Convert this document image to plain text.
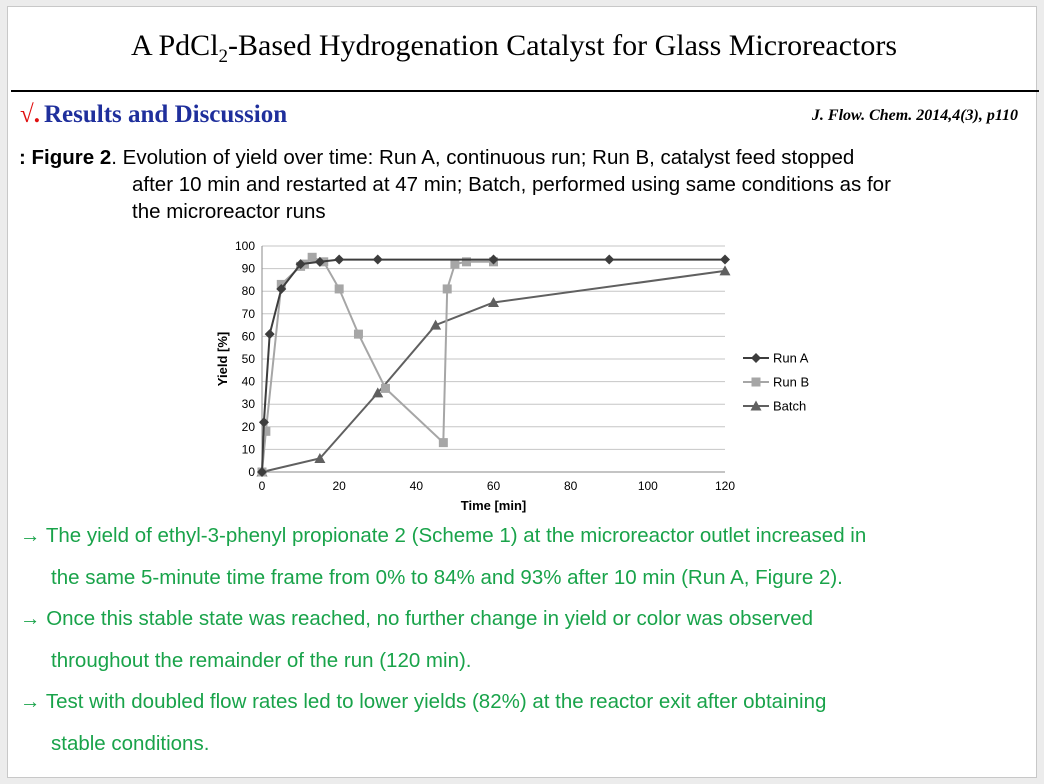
A PdCl$_2$-Based Hydrogenation Catalyst for Glass Microreactors
√. Results and Discussion	J. Flow. Chem. 2014,4(3), p110
: Figure 2. Evolution of yield over time: Run A, continuous run; Run B, catalyst feed stopped
after 10 min and restarted at 47 min; Batch, performed using same conditions as for
the microreactor runs
0
10
20
30
40
50
60
70
80
90
100
0	20	40	60	80	100	120
Time [min]
Yield [%]	Run A
Run B
Batch
→ The yield of ethyl-3-phenyl propionate 2 (Scheme 1) at the microreactor outlet increased in
the same 5-minute time frame from 0% to 84% and 93% after 10 min (Run A, Figure 2).
→ Once this stable state was reached, no further change in yield or color was observed
throughout the remainder of the run (120 min).
→ Test with doubled flow rates led to lower yields (82%) at the reactor exit after obtaining
stable conditions.
